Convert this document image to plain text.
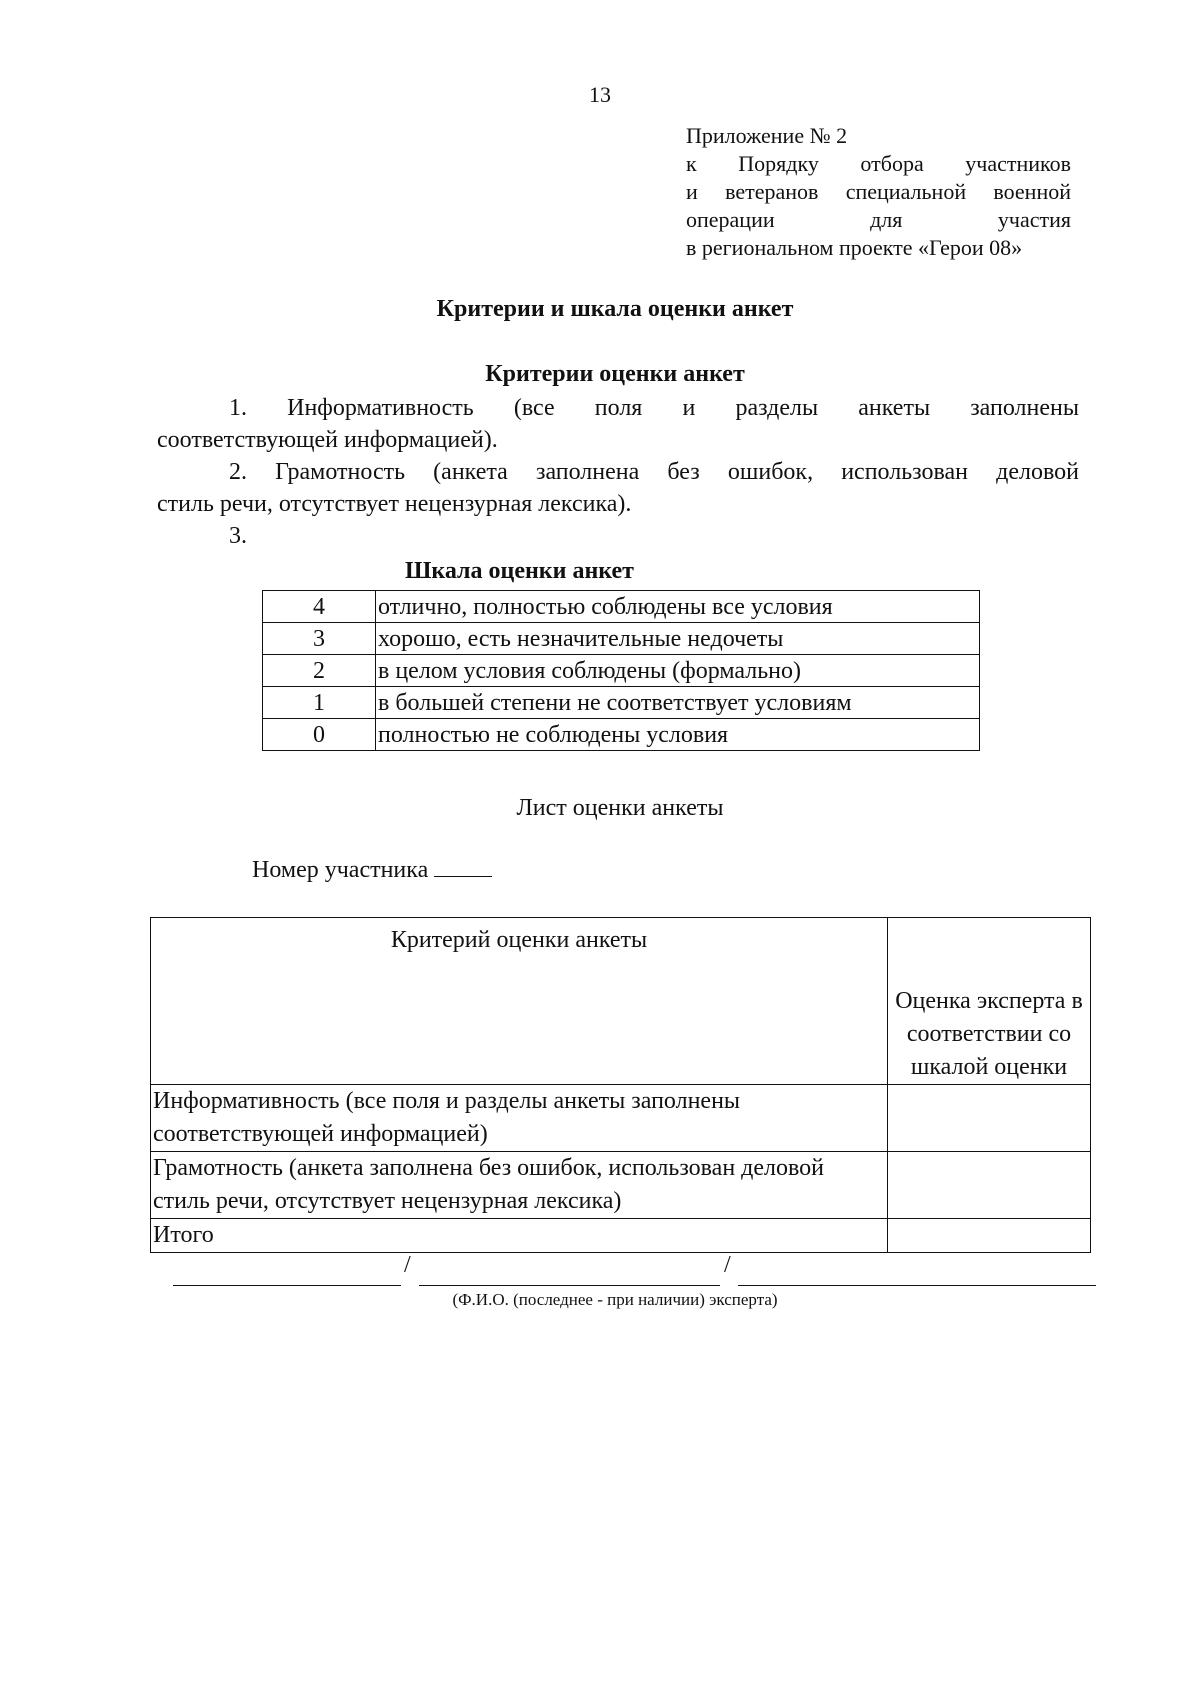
13
Приложение № 2
к Порядку отбора участников
и ветеранов специальной военной
операции для участия
в региональном проекте «Герои 08»
Критерии и шкала оценки анкет
Критерии оценки анкет
1. Информативность (все поля и разделы анкеты заполнены
соответствующей информацией).
2. Грамотность (анкета заполнена без ошибок, использован деловой
стиль речи, отсутствует нецензурная лексика).
3.
Шкала оценки анкет
4	отлично, полностью соблюдены все условия
3	хорошо, есть незначительные недочеты
2	в целом условия соблюдены (формально)
1	в большей степени не соответствует условиям
0	полностью не соблюдены условия
Лист оценки анкеты
Номер участника
Критерий оценки анкеты	Оценка эксперта в соответствии со шкалой оценки
Информативность (все поля и разделы анкеты заполнены соответствующей информацией)	
Грамотность (анкета заполнена без ошибок, использован деловой стиль речи, отсутствует нецензурная лексика)	
Итого	
/	/
(Ф.И.О. (последнее - при наличии) эксперта)
